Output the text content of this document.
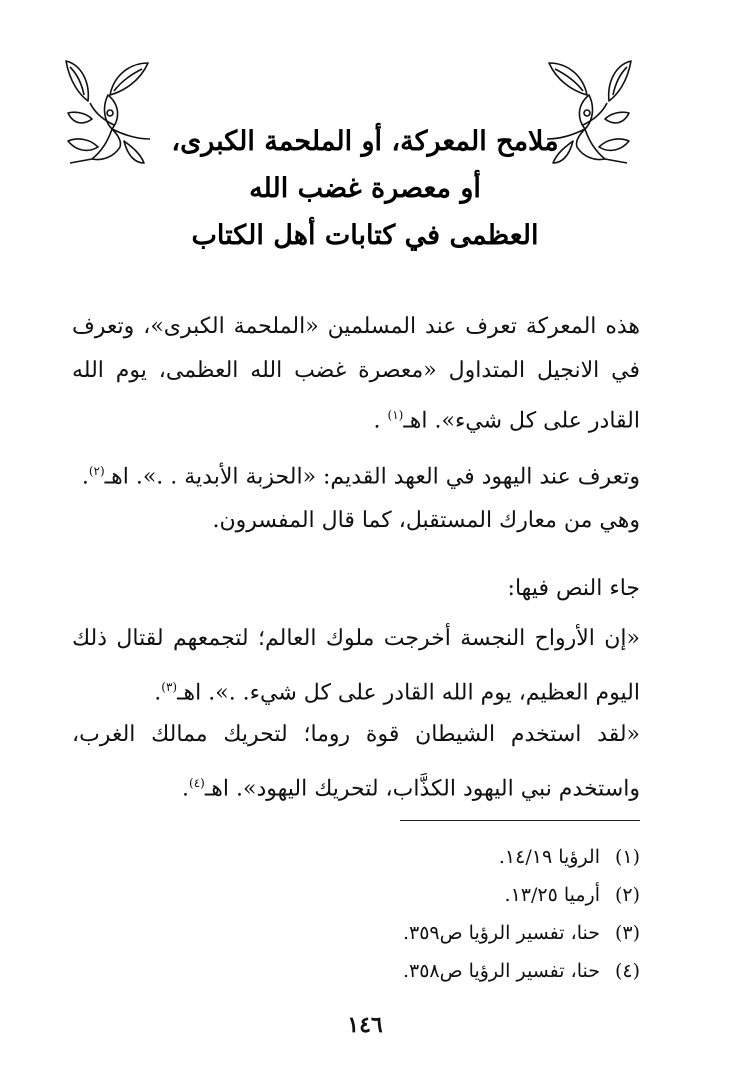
ملامح المعركة، أو الملحمة الكبرى،
أو معصرة غضب الله
العظمى في كتابات أهل الكتاب

هذه المعركة تعرف عند المسلمين «الملحمة الكبرى»، وتعرف في الانجيل المتداول «معصرة غضب الله العظمى، يوم الله القادر على كل شيء». اهـ$^{(١)}$ .

وتعرف عند اليهود في العهد القديم: «الحزبة الأبدية . .». اهـ$^{(٢)}$.

وهي من معارك المستقبل، كما قال المفسرون.

جاء النص فيها:

«إن الأرواح النجسة أخرجت ملوك العالم؛ لتجمعهم لقتال ذلك اليوم العظيم، يوم الله القادر على كل شيء. .». اهـ$^{(٣)}$.

«لقد استخدم الشيطان قوة روما؛ لتحريك ممالك الغرب، واستخدم نبي اليهود الكذَّاب، لتحريك اليهود». اهـ$^{(٤)}$.

(١)
الرؤيا ١٤/١٩.
(٢)
أرميا ١٣/٢٥.
(٣)
حنا، تفسير الرؤيا ص٣٥٩.
(٤)
حنا، تفسير الرؤيا ص٣٥٨.
١٤٦
